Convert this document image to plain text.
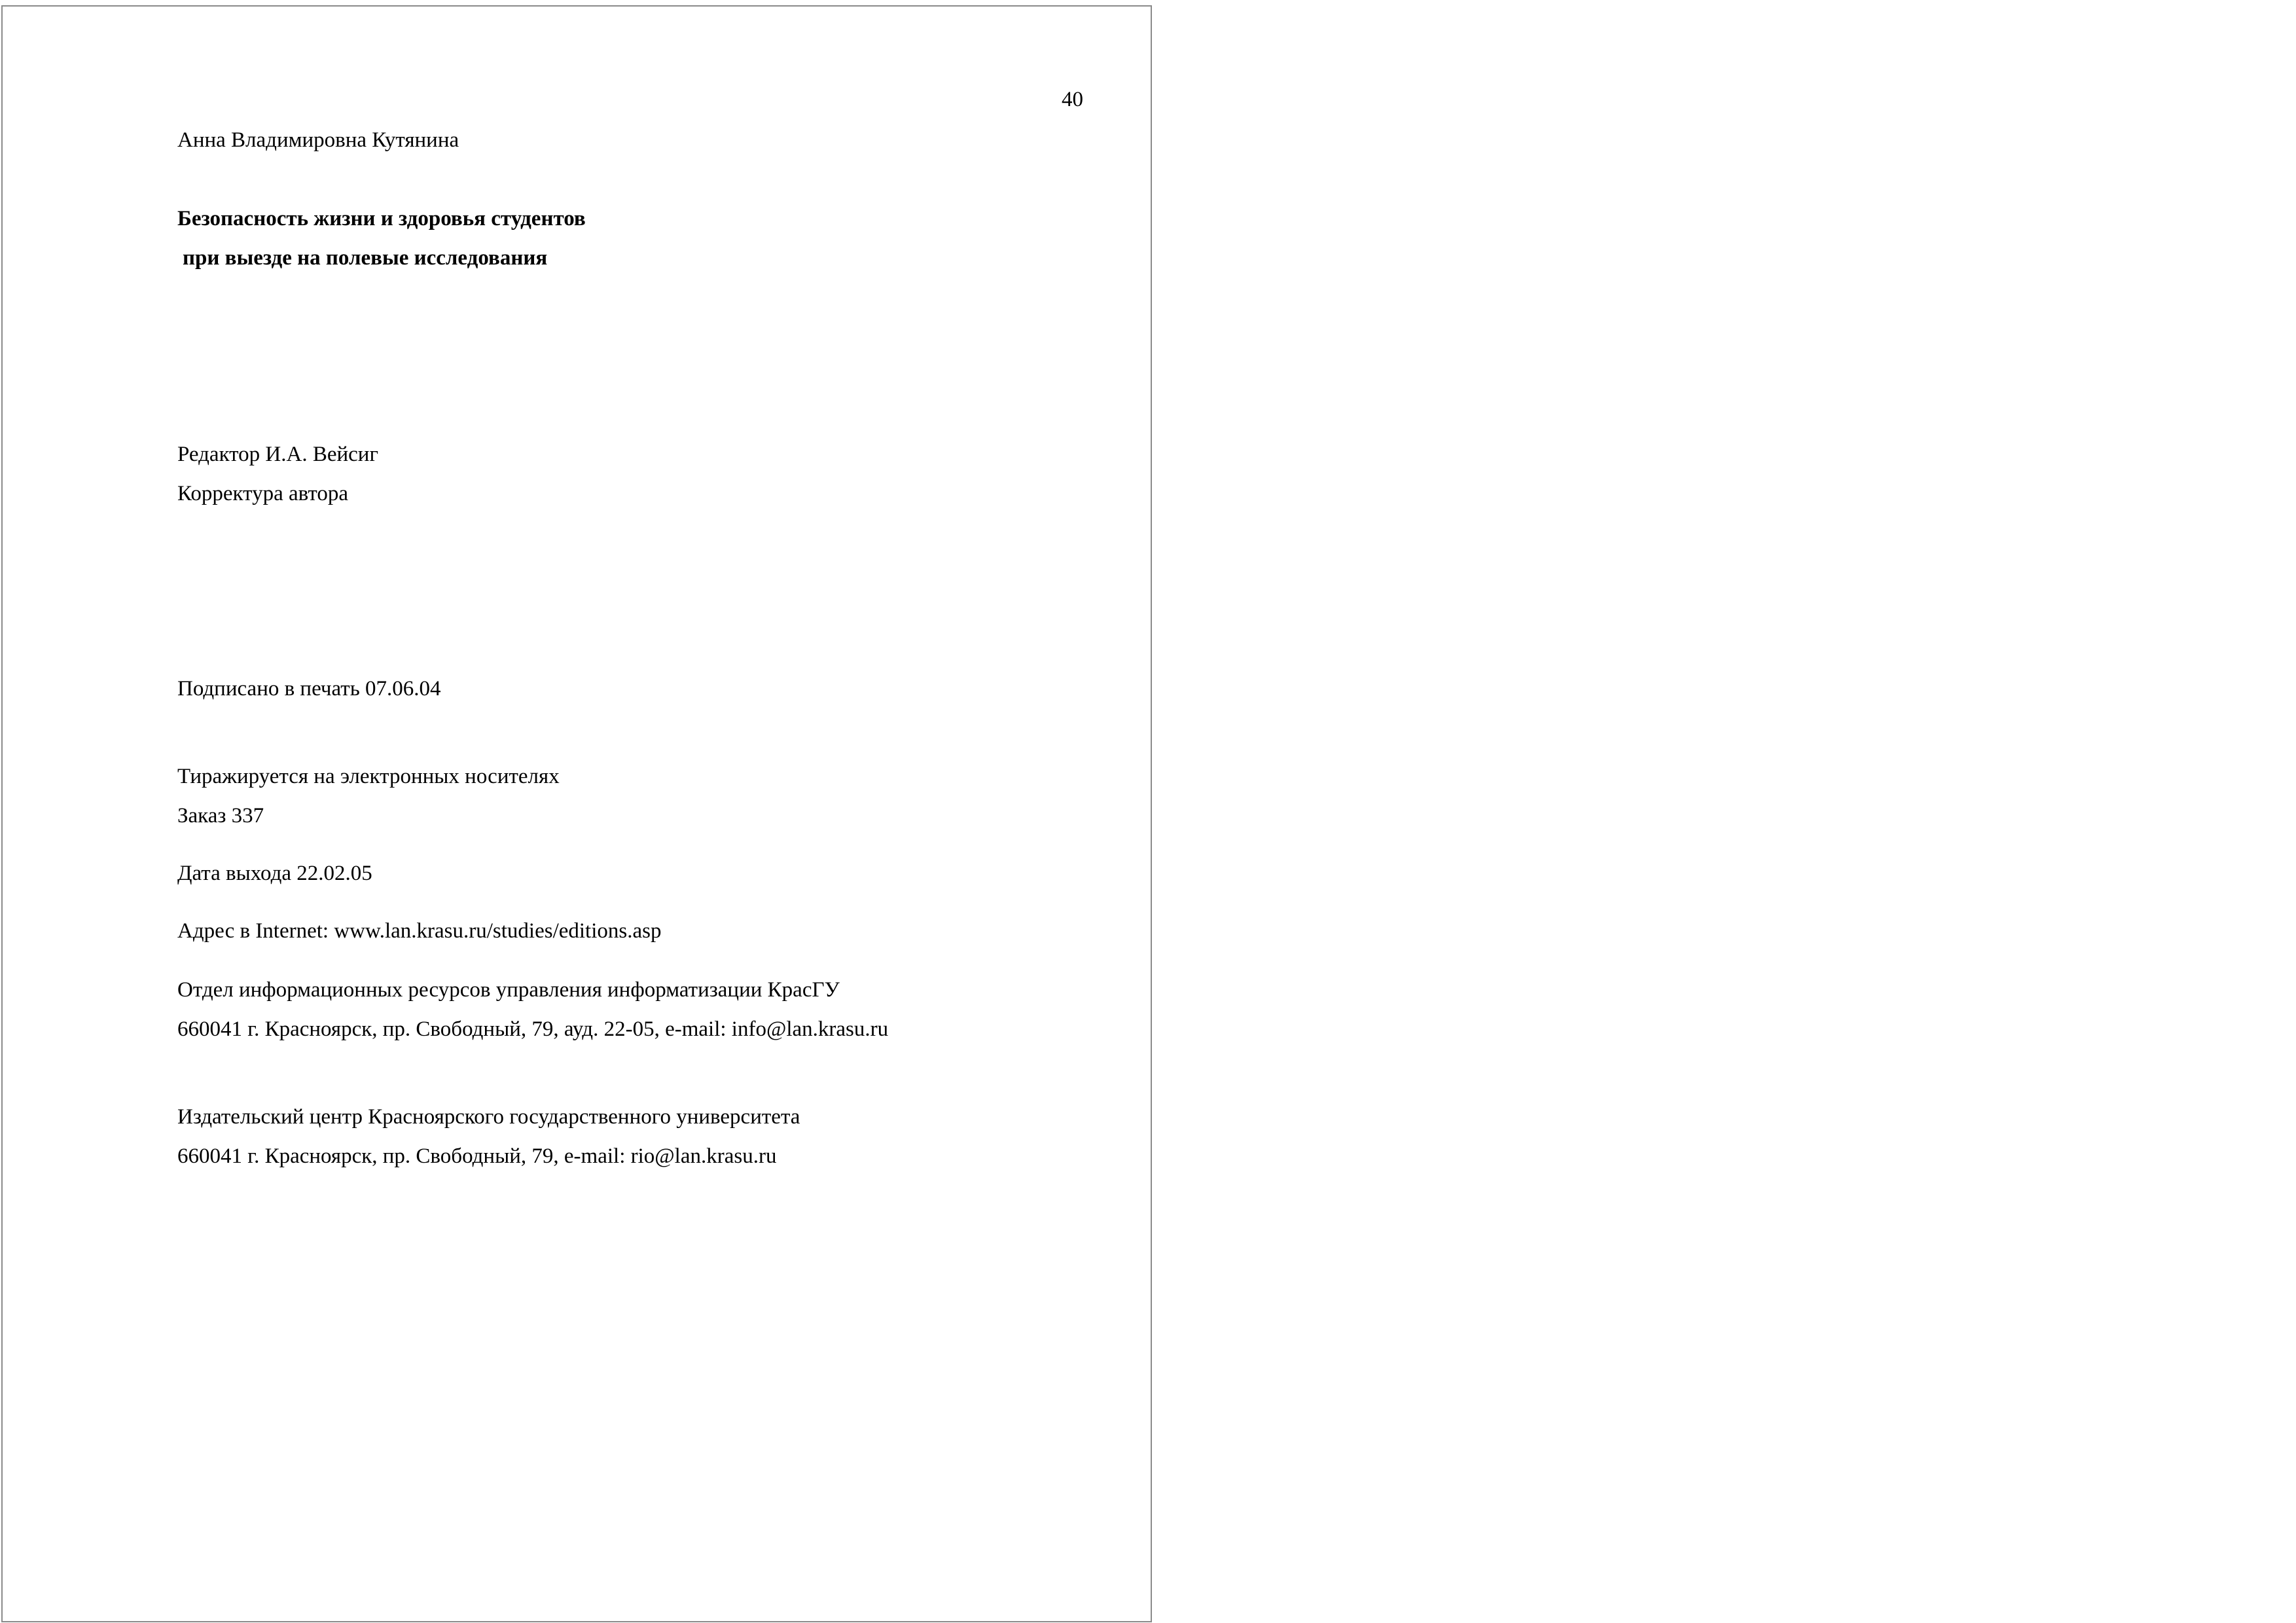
40
Анна Владимировна Кутянина
Безопасность жизни и здоровья студентов
при выезде на полевые исследования
Редактор И.А. Вейсиг
Корректура автора
Подписано в печать 07.06.04
Тиражируется на электронных носителях
Заказ 337
Дата выхода 22.02.05
Адрес в Internet: www.lan.krasu.ru/studies/editions.asp
Отдел информационных ресурсов управления информатизации КрасГУ
660041 г. Красноярск, пр. Свободный, 79, ауд. 22-05, e-mail: info@lan.krasu.ru
Издательский центр Красноярского государственного университета
660041 г. Красноярск, пр. Свободный, 79, e-mail: rio@lan.krasu.ru
